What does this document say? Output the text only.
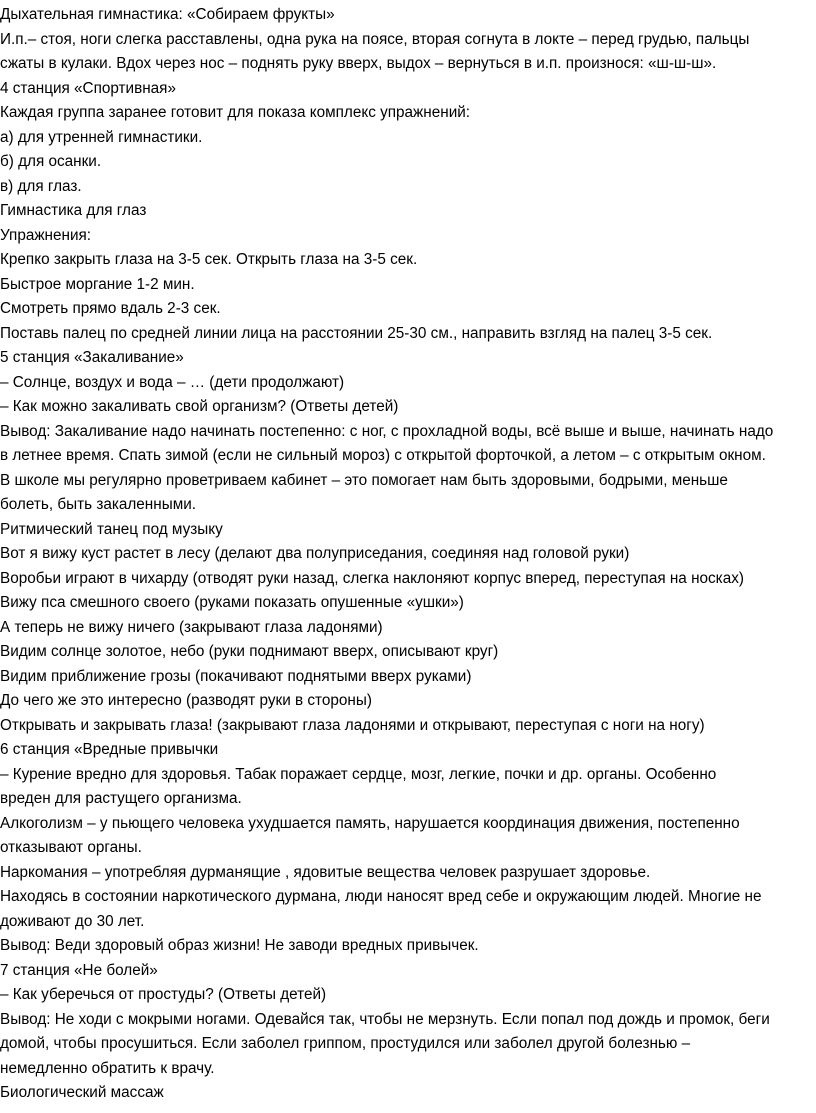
Дыхательная гимнастика: «Собираем фрукты»

И.п.– стоя, ноги слегка расставлены, одна рука на поясе, вторая согнута в локте – перед грудью, пальцы

сжаты в кулаки. Вдох через нос – поднять руку вверх, выдох – вернуться в и.п. произнося: «ш-ш-ш».

4 станция «Спортивная»

Каждая группа заранее готовит для показа комплекс упражнений:

а) для утренней гимнастики.

б) для осанки.

в) для глаз.

Гимнастика для глаз

Упражнения:

Крепко закрыть глаза на 3-5 сек. Открыть глаза на 3-5 сек.

Быстрое моргание 1-2 мин.

Смотреть прямо вдаль 2-3 сек.

Поставь палец по средней линии лица на расстоянии 25-30 см., направить взгляд на палец 3-5 сек.

5 станция «Закаливание»

– Солнце, воздух и вода – … (дети продолжают)

– Как можно закаливать свой организм? (Ответы детей)

Вывод: Закаливание надо начинать постепенно: с ног, с прохладной воды, всё выше и выше, начинать надо

в летнее время. Спать зимой (если не сильный мороз) с открытой форточкой, а летом – с открытым окном.

В школе мы регулярно проветриваем кабинет – это помогает нам быть здоровыми, бодрыми, меньше

болеть, быть закаленными.

Ритмический танец под музыку

Вот я вижу куст растет в лесу (делают два полуприседания, соединяя над головой руки)

Воробьи играют в чихарду (отводят руки назад, слегка наклоняют корпус вперед, переступая на носках)

Вижу пса смешного своего (руками показать опушенные «ушки»)

А теперь не вижу ничего (закрывают глаза ладонями)

Видим солнце золотое, небо (руки поднимают вверх, описывают круг)

Видим приближение грозы (покачивают поднятыми вверх руками)

До чего же это интересно (разводят руки в стороны)

Открывать и закрывать глаза! (закрывают глаза ладонями и открывают, переступая с ноги на ногу)

6 станция «Вредные привычки

– Курение вредно для здоровья. Табак поражает сердце, мозг, легкие, почки и др. органы. Особенно

вреден для растущего организма.

Алкоголизм – у пьющего человека ухудшается память, нарушается координация движения, постепенно

отказывают органы.

Наркомания – употребляя дурманящие , ядовитые вещества человек разрушает здоровье.

Находясь в состоянии наркотического дурмана, люди наносят вред себе и окружающим людей. Многие не

доживают до 30 лет.

Вывод: Веди здоровый образ жизни! Не заводи вредных привычек.

7 станция «Не болей»

– Как уберечься от простуды? (Ответы детей)

Вывод: Не ходи с мокрыми ногами. Одевайся так, чтобы не мерзнуть. Если попал под дождь и промок, беги

домой, чтобы просушиться. Если заболел гриппом, простудился или заболел другой болезнью –

немедленно обратить к врачу.

Биологический массаж
